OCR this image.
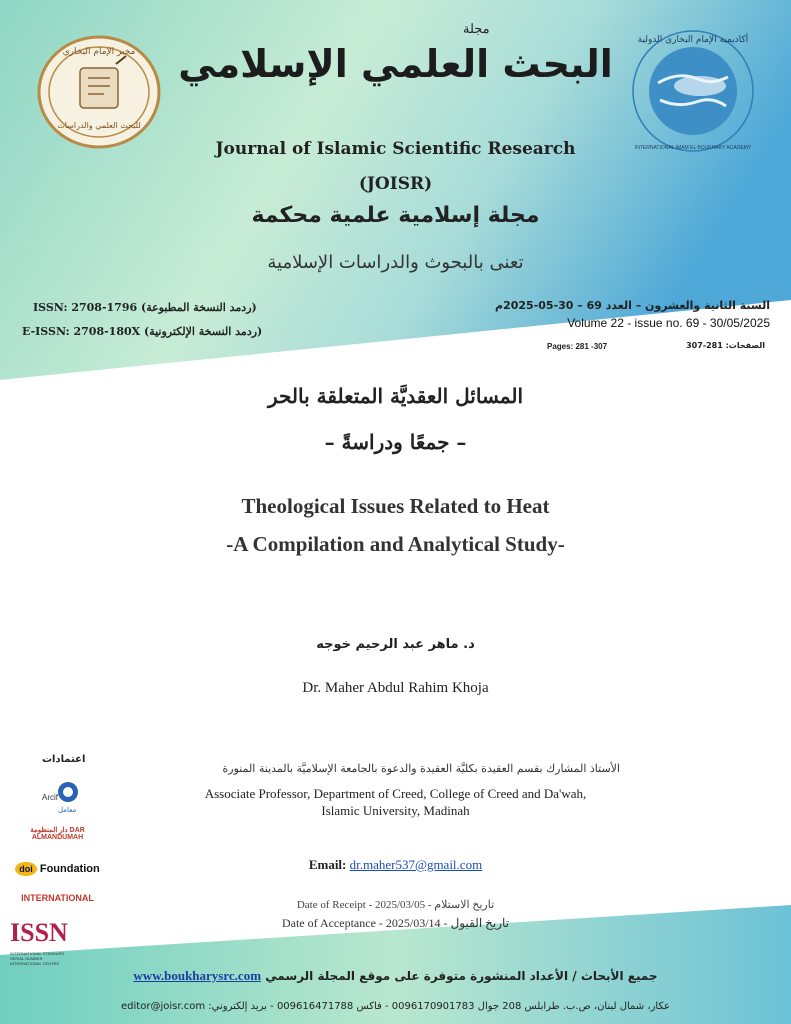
مخبر الإمام البخاري
للبحث العلمي والدراسات
أكاديمية الإمام البخاري الدولية
INTERNATIONAL IMAM EL BOUKHARY ACADEMY
مجلة
البحث العلمي الإسلامي
Journal of Islamic Scientific Research
(JOISR)
مجلة إسلامية علمية محكمة
تعنى بالبحوث والدراسات الإسلامية
ISSN: 2708-1796 (ردمد النسخة المطبوعة)
E-ISSN: 2708-180X (ردمد النسخة الإلكترونية)
السنة الثانية والعشرون – العدد 69 – 30-05-2025م
Volume 22 - issue no. 69 - 30/05/2025
Pages: 281 -307	الصفحات: 281-307
المسائل العقديَّة المتعلقة بالحر
– جمعًا ودراسةً –
Theological Issues Related to Heat
-A Compilation and Analytical Study-
د. ماهر عبد الرحيم خوجه
Dr. Maher Abdul Rahim Khoja
اعتمادات
Arcif
معامل
دار المنظومة DAR ALMANDUMAH
doi Foundation
INTERNATIONAL
ISSN INTERNATIONAL STANDARD SERIAL NUMBER INTERNATIONAL CENTRE
الأستاذ المشارك بقسم العقيدة بكليَّة العقيدة والدعوة بالجامعة الإسلاميَّة بالمدينة المنورة
Associate Professor, Department of Creed, College of Creed and Da'wah,
Islamic University, Madinah
Email: dr.maher537@gmail.com
Date of Receipt - 2025/03/05 - تاريخ الاستلام
Date of Acceptance - 2025/03/14 - تاريخ القبول
www.boukharysrc.com جميع الأبحاث / الأعداد المنشورة متوفرة على موقع المجلة الرسمي
عكار، شمال لبنان، ص.ب. طرابلس 208 جوال 0096170901783 - فاكس 009616471788 - بريد إلكتروني: editor@joisr.com
